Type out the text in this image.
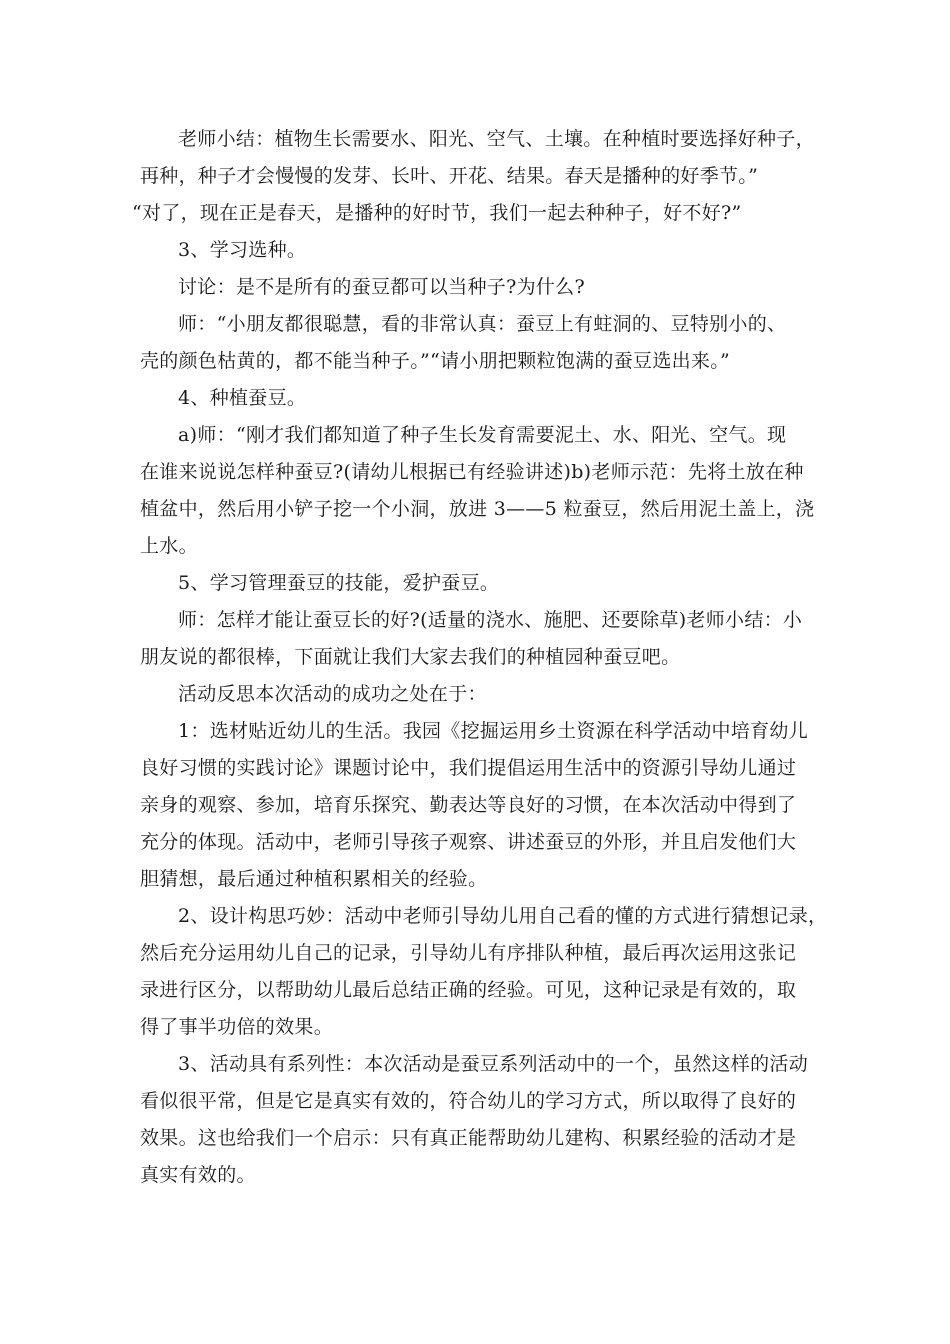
老师小结：植物生长需要水、阳光、空气、土壤。在种植时要选择好种子，
再种，种子才会慢慢的发芽、长叶、开花、结果。春天是播种的好季节。”
“对了，现在正是春天，是播种的好时节，我们一起去种种子，好不好?”

3、学习选种。

讨论：是不是所有的蚕豆都可以当种子?为什么?

师：“小朋友都很聪慧，看的非常认真：蚕豆上有蛀洞的、豆特别小的、
壳的颜色枯黄的，都不能当种子。”“请小朋把颗粒饱满的蚕豆选出来。”

4、种植蚕豆。

a)师：“刚才我们都知道了种子生长发育需要泥土、水、阳光、空气。现
在谁来说说怎样种蚕豆?(请幼儿根据已有经验讲述)b)老师示范：先将土放在种
植盆中，然后用小铲子挖一个小洞，放进 3——5 粒蚕豆，然后用泥土盖上，浇
上水。

5、学习管理蚕豆的技能，爱护蚕豆。

师：怎样才能让蚕豆长的好?(适量的浇水、施肥、还要除草)老师小结：小
朋友说的都很棒，下面就让我们大家去我们的种植园种蚕豆吧。

活动反思本次活动的成功之处在于：

1：选材贴近幼儿的生活。我园《挖掘运用乡土资源在科学活动中培育幼儿
良好习惯的实践讨论》课题讨论中，我们提倡运用生活中的资源引导幼儿通过
亲身的观察、参加，培育乐探究、勤表达等良好的习惯，在本次活动中得到了
充分的体现。活动中，老师引导孩子观察、讲述蚕豆的外形，并且启发他们大
胆猜想，最后通过种植积累相关的经验。

2、设计构思巧妙：活动中老师引导幼儿用自己看的懂的方式进行猜想记录，
然后充分运用幼儿自己的记录，引导幼儿有序排队种植，最后再次运用这张记
录进行区分，以帮助幼儿最后总结正确的经验。可见，这种记录是有效的，取
得了事半功倍的效果。

3、活动具有系列性：本次活动是蚕豆系列活动中的一个，虽然这样的活动
看似很平常，但是它是真实有效的，符合幼儿的学习方式，所以取得了良好的
效果。这也给我们一个启示：只有真正能帮助幼儿建构、积累经验的活动才是
真实有效的。
